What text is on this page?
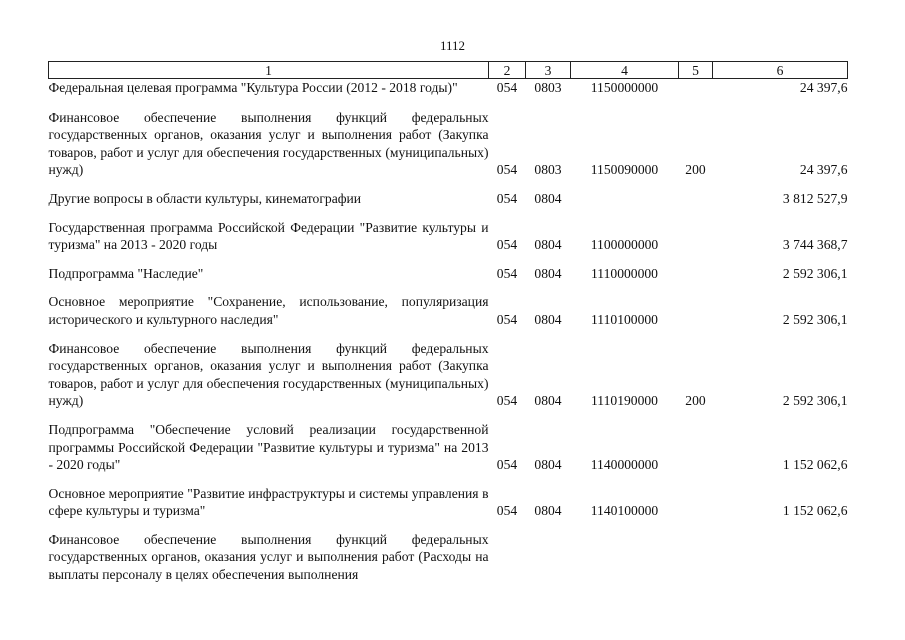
1112
1	2	3	4	5	6
Федеральная целевая программа "Культура России (2012 - 2018 годы)"	054	0803	1150000000		24 397,6
Финансовое обеспечение выполнения функций федеральных государственных органов, оказания услуг и выполнения работ (Закупка товаров, работ и услуг для обеспечения государственных (муниципальных) нужд)	054	0803	1150090000	200	24 397,6
Другие вопросы в области культуры, кинематографии	054	0804			3 812 527,9
Государственная программа Российской Федерации "Развитие культуры и туризма" на 2013 - 2020 годы	054	0804	1100000000		3 744 368,7
Подпрограмма "Наследие"	054	0804	1110000000		2 592 306,1
Основное мероприятие "Сохранение, использование, популяризация исторического и культурного наследия"	054	0804	1110100000		2 592 306,1
Финансовое обеспечение выполнения функций федеральных государственных органов, оказания услуг и выполнения работ (Закупка товаров, работ и услуг для обеспечения государственных (муниципальных) нужд)	054	0804	1110190000	200	2 592 306,1
Подпрограмма "Обеспечение условий реализации государственной программы Российской Федерации "Развитие культуры и туризма" на 2013 - 2020 годы"	054	0804	1140000000		1 152 062,6
Основное мероприятие "Развитие инфраструктуры и системы управления в сфере культуры и туризма"	054	0804	1140100000		1 152 062,6
Финансовое обеспечение выполнения функций федеральных государственных органов, оказания услуг и выполнения работ (Расходы на выплаты персоналу в целях обеспечения выполнения					
